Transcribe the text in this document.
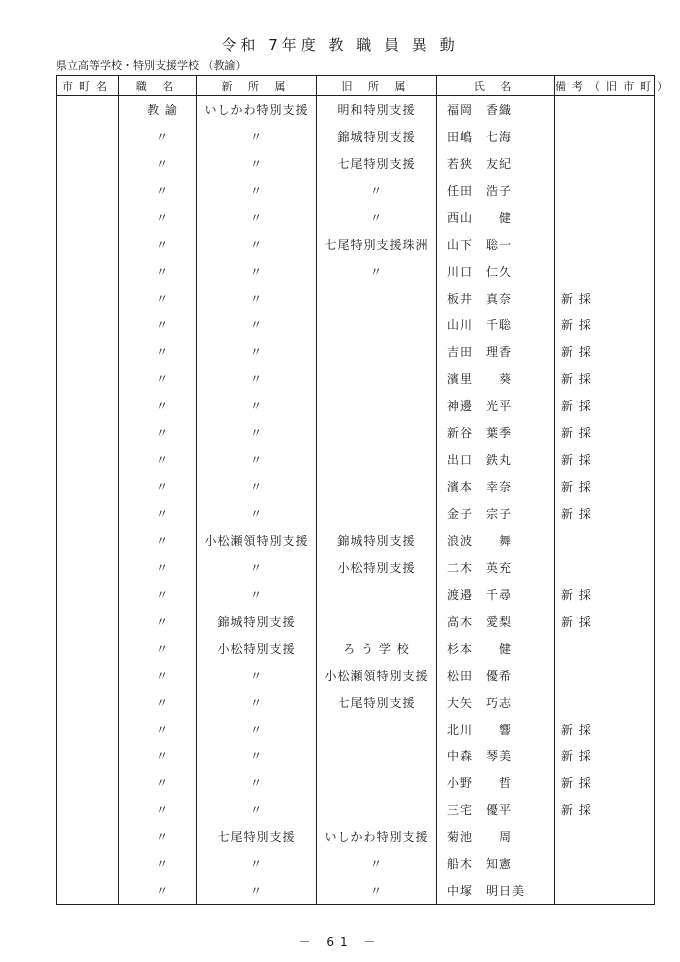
令和 7年度 教 職 員 異 動
県立高等学校・特別支援学校 （教諭）
市町名	職 名	新 所 属	旧 所 属	氏 名	備考（旧市町）
	教 諭	いしかわ特別支援	明和特別支援	福岡　香織	
	〃	〃	錦城特別支援	田嶋　七海	
	〃	〃	七尾特別支援	若狭　友紀	
	〃	〃	〃	任田　浩子	
	〃	〃	〃	西山　　健	
	〃	〃	七尾特別支援珠洲	山下　聡一	
	〃	〃	〃	川口　仁久	
	〃	〃		板井　真奈	新 採
	〃	〃		山川　千聡	新 採
	〃	〃		吉田　理香	新 採
	〃	〃		濱里　　葵	新 採
	〃	〃		神邊　光平	新 採
	〃	〃		新谷　葉季	新 採
	〃	〃		出口　鉄丸	新 採
	〃	〃		濱本　幸奈	新 採
	〃	〃		金子　宗子	新 採
	〃	小松瀬領特別支援	錦城特別支援	浪波　　舞	
	〃	〃	小松特別支援	二木　英充	
	〃	〃		渡邉　千尋	新 採
	〃	錦城特別支援		高木　愛梨	新 採
	〃	小松特別支援	ろ う 学 校	杉本　　健	
	〃	〃	小松瀬領特別支援	松田　優希	
	〃	〃	七尾特別支援	大矢　巧志	
	〃	〃		北川　　響	新 採
	〃	〃		中森　琴美	新 採
	〃	〃		小野　　哲	新 採
	〃	〃		三宅　優平	新 採
	〃	七尾特別支援	いしかわ特別支援	菊池　　周	
	〃	〃	〃	船木　知憲	
	〃	〃	〃	中塚　明日美	
－ 61 －
